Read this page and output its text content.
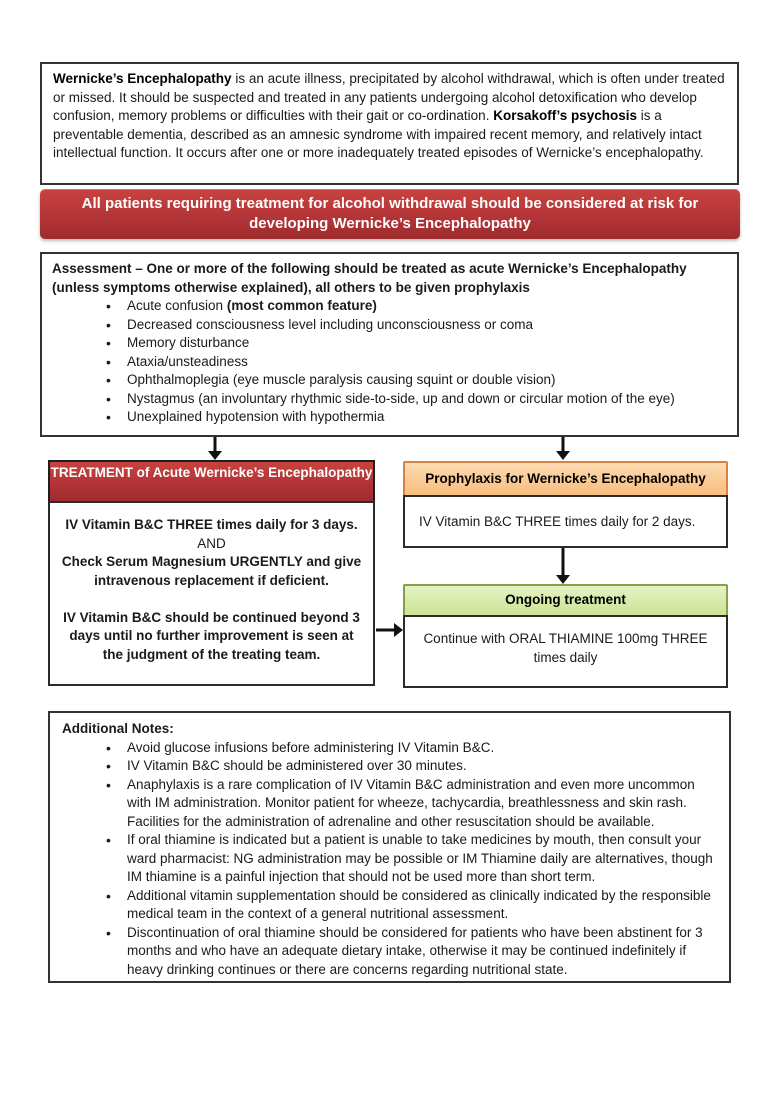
Wernicke’s Encephalopathy is an acute illness, precipitated by alcohol withdrawal, which is often under treated or missed. It should be suspected and treated in any patients undergoing alcohol detoxification who develop confusion, memory problems or difficulties with their gait or co-ordination. Korsakoff’s psychosis is a preventable dementia, described as an amnesic syndrome with impaired recent memory, and relatively intact intellectual function. It occurs after one or more inadequately treated episodes of Wernicke’s encephalopathy.
All patients requiring treatment for alcohol withdrawal should be considered at risk for developing Wernicke’s Encephalopathy
Assessment – One or more of the following should be treated as acute Wernicke’s Encephalopathy (unless symptoms otherwise explained), all others to be given prophylaxis
• Acute confusion (most common feature)
• Decreased consciousness level including unconsciousness or coma
• Memory disturbance
• Ataxia/unsteadiness
• Ophthalmoplegia (eye muscle paralysis causing squint or double vision)
• Nystagmus (an involuntary rhythmic side-to-side, up and down or circular motion of the eye)
• Unexplained hypotension with hypothermia
TREATMENT of Acute Wernicke’s Encephalopathy

IV Vitamin B&C THREE times daily for 3 days.

AND

Check Serum Magnesium URGENTLY and give intravenous replacement if deficient.

IV Vitamin B&C should be continued beyond 3 days until no further improvement is seen at the judgment of the treating team.

Prophylaxis for Wernicke’s Encephalopathy
IV Vitamin B&C THREE times daily for 2 days.
Ongoing treatment
Continue with ORAL THIAMINE 100mg THREE times daily
Additional Notes:
• Avoid glucose infusions before administering IV Vitamin B&C.
• IV Vitamin B&C should be administered over 30 minutes.
• Anaphylaxis is a rare complication of IV Vitamin B&C administration and even more uncommon with IM administration. Monitor patient for wheeze, tachycardia, breathlessness and skin rash. Facilities for the administration of adrenaline and other resuscitation should be available.
• If oral thiamine is indicated but a patient is unable to take medicines by mouth, then consult your ward pharmacist: NG administration may be possible or IM Thiamine daily are alternatives, though IM thiamine is a painful injection that should not be used more than short term.
• Additional vitamin supplementation should be considered as clinically indicated by the responsible medical team in the context of a general nutritional assessment.
• Discontinuation of oral thiamine should be considered for patients who have been abstinent for 3 months and who have an adequate dietary intake, otherwise it may be continued indefinitely if heavy drinking continues or there are concerns regarding nutritional state.
